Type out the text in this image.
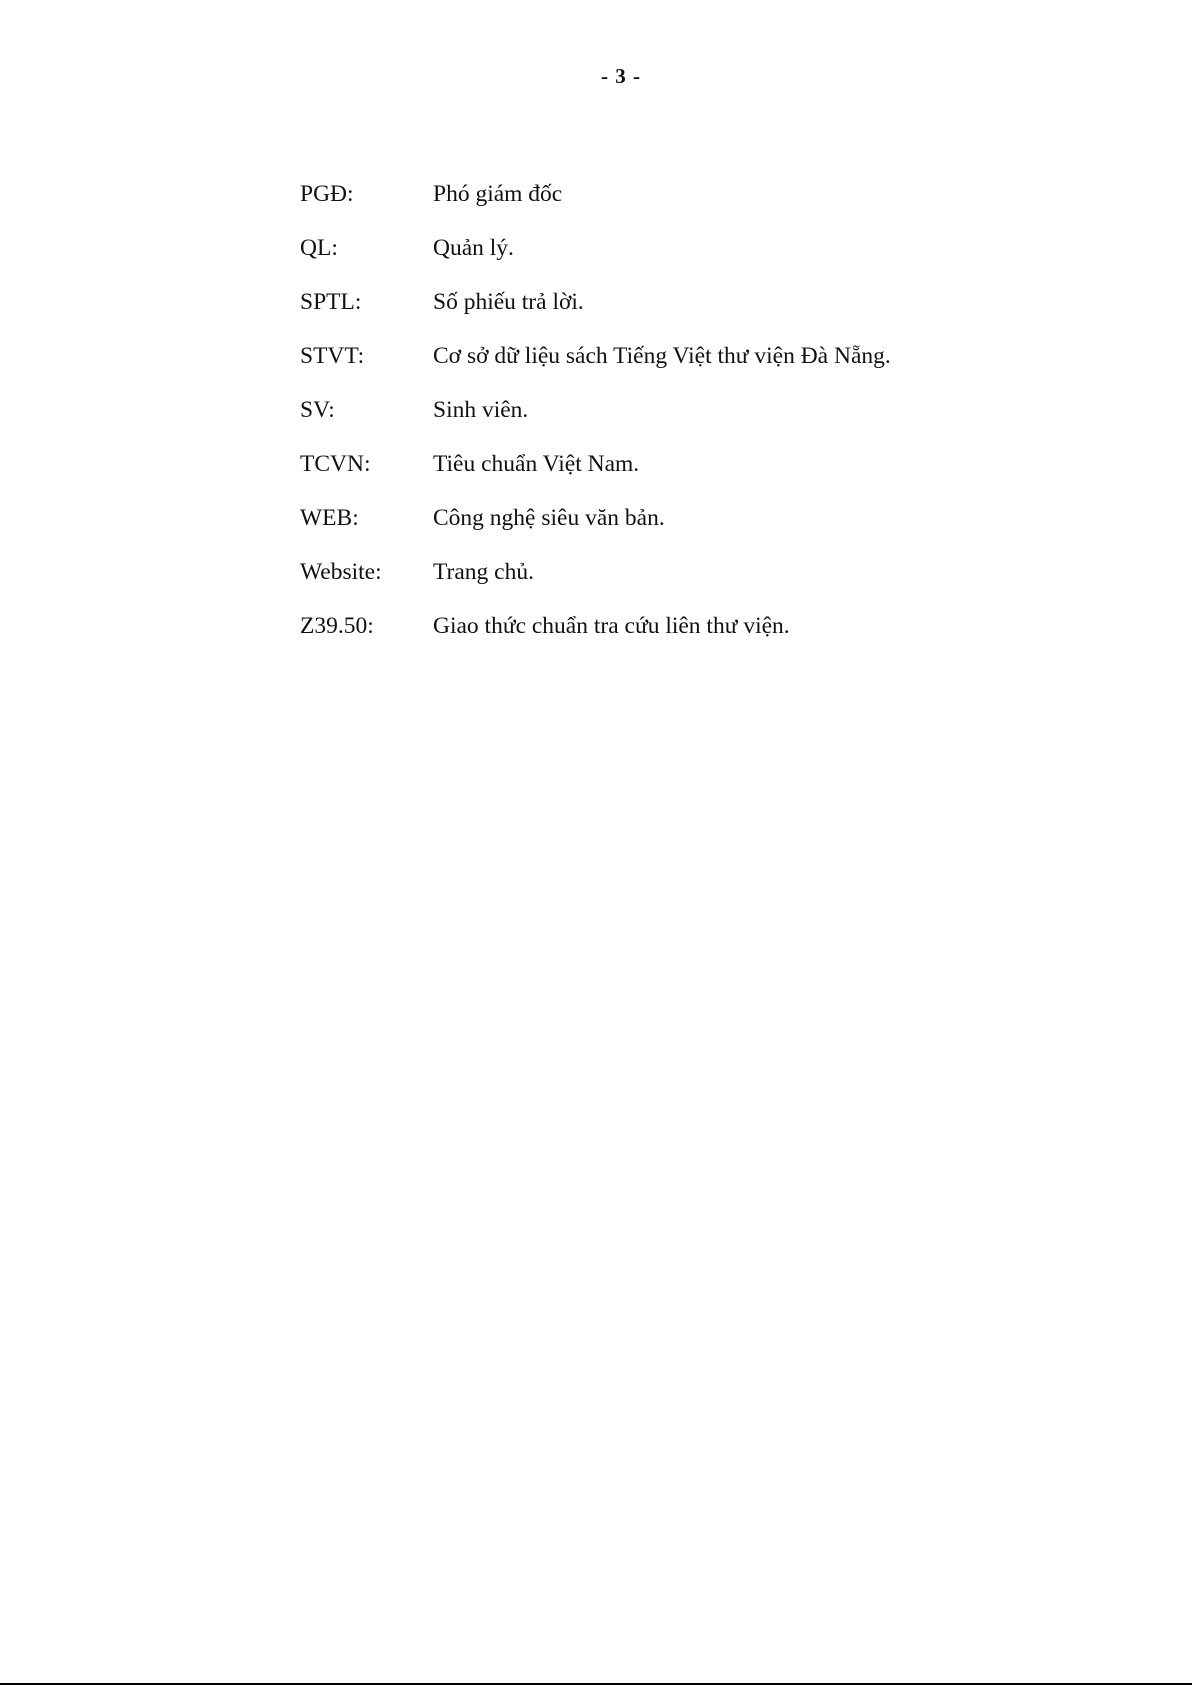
- 3 -
PGĐ:	Phó giám đốc
QL:	Quản lý.
SPTL:	Số phiếu trả lời.
STVT:	Cơ sở dữ liệu sách Tiếng Việt thư viện Đà Nẵng.
SV:	Sinh viên.
TCVN:	Tiêu chuẩn Việt Nam.
WEB:	Công nghệ siêu văn bản.
Website:	Trang chủ.
Z39.50:	Giao thức chuẩn tra cứu liên thư viện.
